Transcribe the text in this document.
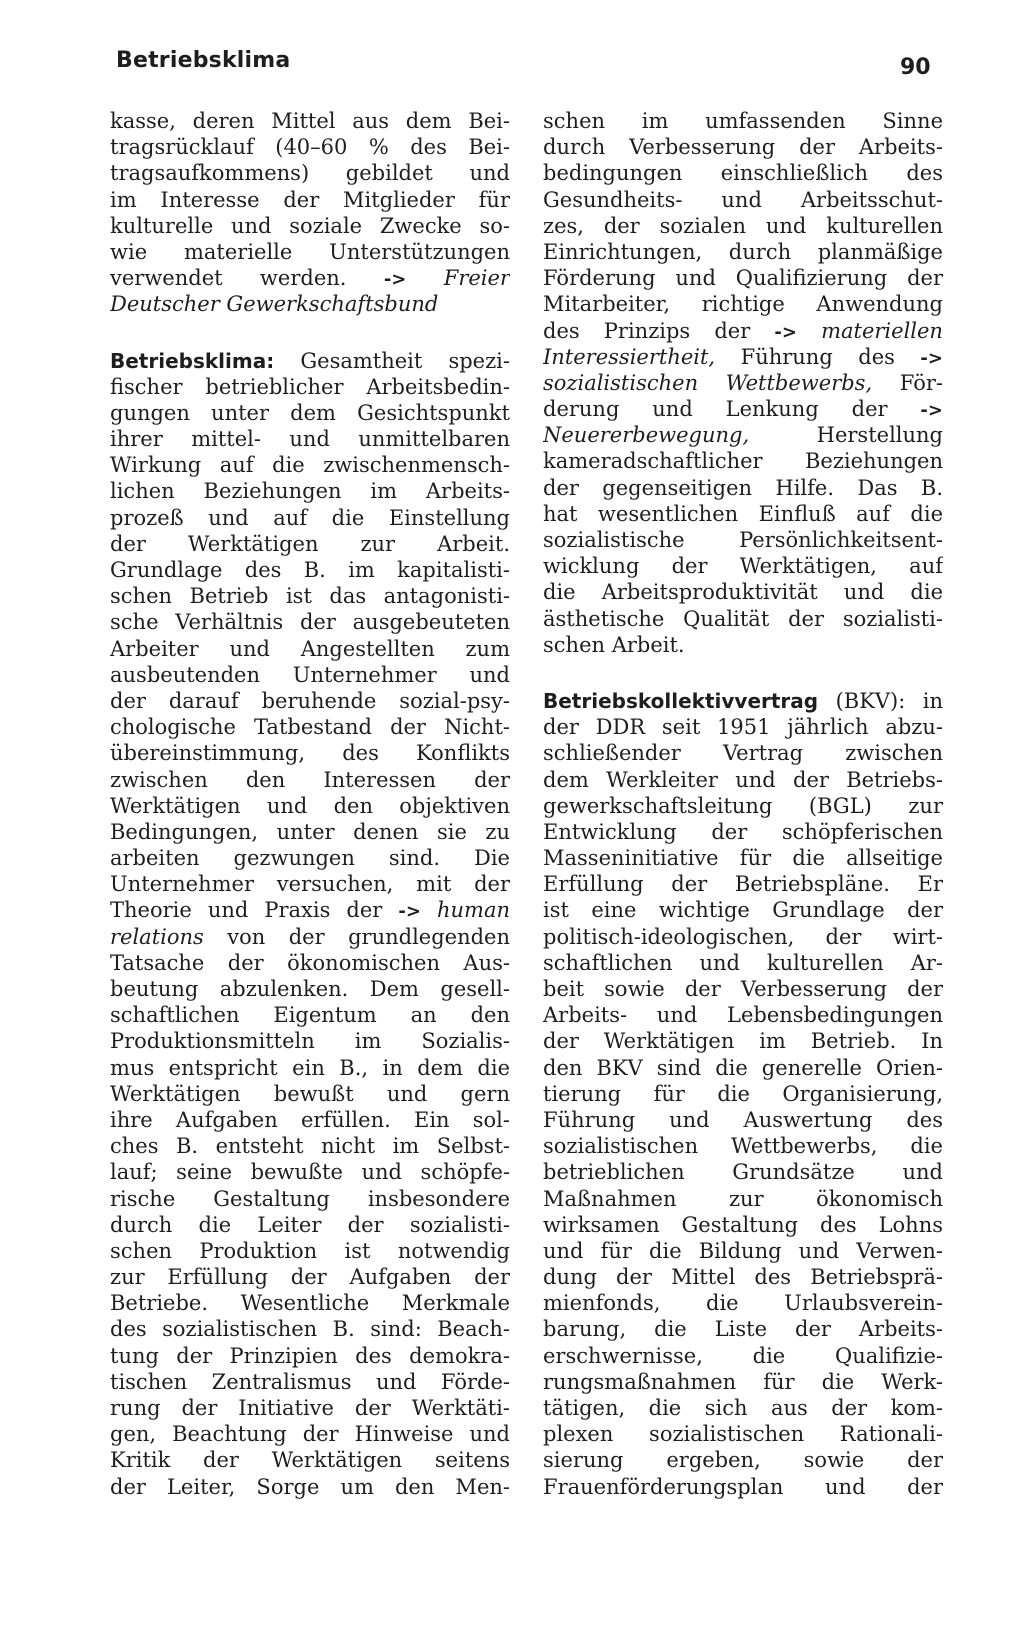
Betriebsklima	90
kasse, deren Mittel aus dem Bei-
tragsrücklauf (40–60 % des Bei-
tragsaufkommens) gebildet und
im Interesse der Mitglieder für
kulturelle und soziale Zwecke so-
wie materielle Unterstützungen
verwendet werden. -> Freier
Deutscher Gewerkschaftsbund
Betriebsklima: Gesamtheit spezi-
fischer betrieblicher Arbeitsbedin-
gungen unter dem Gesichtspunkt
ihrer mittel- und unmittelbaren
Wirkung auf die zwischenmensch-
lichen Beziehungen im Arbeits-
prozeß und auf die Einstellung
der Werktätigen zur Arbeit.
Grundlage des B. im kapitalisti-
schen Betrieb ist das antagonisti-
sche Verhältnis der ausgebeuteten
Arbeiter und Angestellten zum
ausbeutenden Unternehmer und
der darauf beruhende sozial-psy-
chologische Tatbestand der Nicht-
übereinstimmung, des Konflikts
zwischen den Interessen der
Werktätigen und den objektiven
Bedingungen, unter denen sie zu
arbeiten gezwungen sind. Die
Unternehmer versuchen, mit der
Theorie und Praxis der -> human
relations von der grundlegenden
Tatsache der ökonomischen Aus-
beutung abzulenken. Dem gesell-
schaftlichen Eigentum an den
Produktionsmitteln im Sozialis-
mus entspricht ein B., in dem die
Werktätigen bewußt und gern
ihre Aufgaben erfüllen. Ein sol-
ches B. entsteht nicht im Selbst-
lauf; seine bewußte und schöpfe-
rische Gestaltung insbesondere
durch die Leiter der sozialisti-
schen Produktion ist notwendig
zur Erfüllung der Aufgaben der
Betriebe. Wesentliche Merkmale
des sozialistischen B. sind: Beach-
tung der Prinzipien des demokra-
tischen Zentralismus und Förde-
rung der Initiative der Werktäti-
gen, Beachtung der Hinweise und
Kritik der Werktätigen seitens
der Leiter, Sorge um den Men-
schen im umfassenden Sinne
durch Verbesserung der Arbeits-
bedingungen einschließlich des
Gesundheits- und Arbeitsschut-
zes, der sozialen und kulturellen
Einrichtungen, durch planmäßige
Förderung und Qualifizierung der
Mitarbeiter, richtige Anwendung
des Prinzips der -> materiellen
Interessiertheit, Führung des ->
sozialistischen Wettbewerbs, För-
derung und Lenkung der ->
Neuererbewegung,	Herstellung
kameradschaftlicher Beziehungen
der gegenseitigen Hilfe. Das B.
hat wesentlichen Einfluß auf die
sozialistische Persönlichkeitsent-
wicklung der Werktätigen, auf
die Arbeitsproduktivität und die
ästhetische Qualität der sozialisti-
schen Arbeit.
Betriebskollektivvertrag (BKV): in
der DDR seit 1951 jährlich abzu-
schließender Vertrag zwischen
dem Werkleiter und der Betriebs-
gewerkschaftsleitung (BGL) zur
Entwicklung der schöpferischen
Masseninitiative für die allseitige
Erfüllung der Betriebspläne. Er
ist eine wichtige Grundlage der
politisch-ideologischen, der wirt-
schaftlichen und kulturellen Ar-
beit sowie der Verbesserung der
Arbeits- und Lebensbedingungen
der Werktätigen im Betrieb. In
den BKV sind die generelle Orien-
tierung für die Organisierung,
Führung und Auswertung des
sozialistischen Wettbewerbs, die
betrieblichen Grundsätze und
Maßnahmen zur ökonomisch
wirksamen Gestaltung des Lohns
und für die Bildung und Verwen-
dung der Mittel des Betriebsprä-
mienfonds, die Urlaubsverein-
barung, die Liste der Arbeits-
erschwernisse, die Qualifizie-
rungsmaßnahmen für die Werk-
tätigen, die sich aus der kom-
plexen sozialistischen Rationali-
sierung ergeben, sowie der
Frauenförderungsplan und der
